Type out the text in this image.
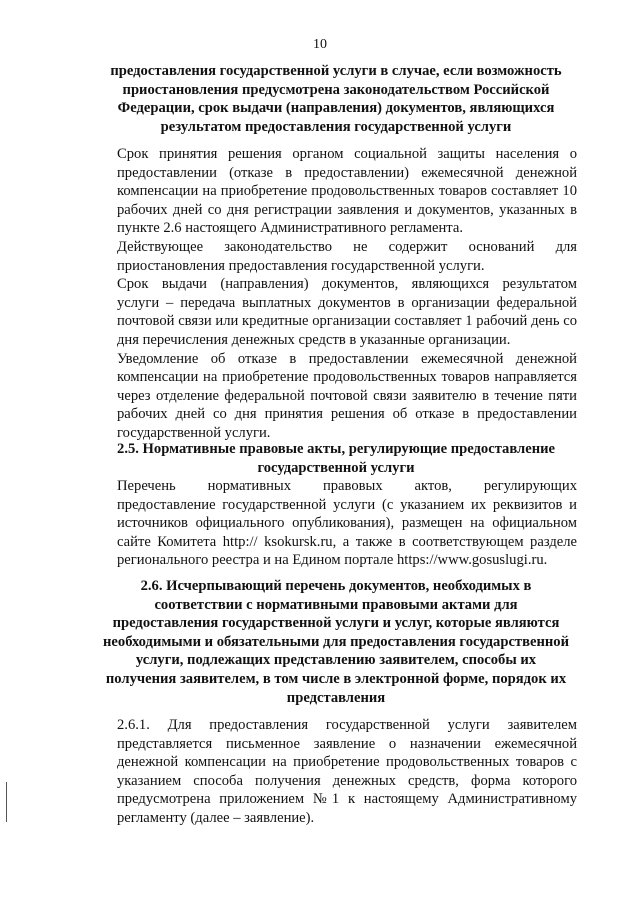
10
предоставления государственной услуги в случае, если возможность
приостановления предусмотрена законодательством Российской
Федерации, срок выдачи (направления) документов, являющихся
результатом предоставления государственной услуги
Срок принятия решения органом социальной защиты населения о
предоставлении (отказе в предоставлении) ежемесячной денежной
компенсации на приобретение продовольственных товаров составляет 10
рабочих дней со дня регистрации заявления и документов, указанных в
пункте 2.6 настоящего Административного регламента.
Действующее законодательство не содержит оснований для
приостановления предоставления государственной услуги.
Срок выдачи (направления) документов, являющихся результатом
услуги – передача выплатных документов в организации федеральной
почтовой связи или кредитные организации составляет 1 рабочий день со
дня перечисления денежных средств в указанные организации.
Уведомление об отказе в предоставлении ежемесячной денежной
компенсации на приобретение продовольственных товаров направляется
через отделение федеральной почтовой связи заявителю в течение пяти
рабочих дней со дня принятия решения об отказе в предоставлении
государственной услуги.
2.5. Нормативные правовые акты, регулирующие предоставление
государственной услуги
Перечень нормативных правовых актов, регулирующих
предоставление государственной услуги (с указанием их реквизитов и
источников официального опубликования), размещен на официальном
сайте Комитета http:// ksokursk.ru, а также в соответствующем разделе
регионального реестра и на Едином портале https://www.gosuslugi.ru.
2.6. Исчерпывающий перечень документов, необходимых в
соответствии с нормативными правовыми актами для
предоставления государственной услуги и услуг, которые являются
необходимыми и обязательными для предоставления государственной
услуги, подлежащих представлению заявителем, способы их
получения заявителем, в том числе в электронной форме, порядок их
представления
2.6.1. Для предоставления государственной услуги заявителем
представляется письменное заявление о назначении ежемесячной
денежной компенсации на приобретение продовольственных товаров с
указанием способа получения денежных средств, форма которого
предусмотрена приложением №1 к настоящему Административному
регламенту (далее – заявление).
